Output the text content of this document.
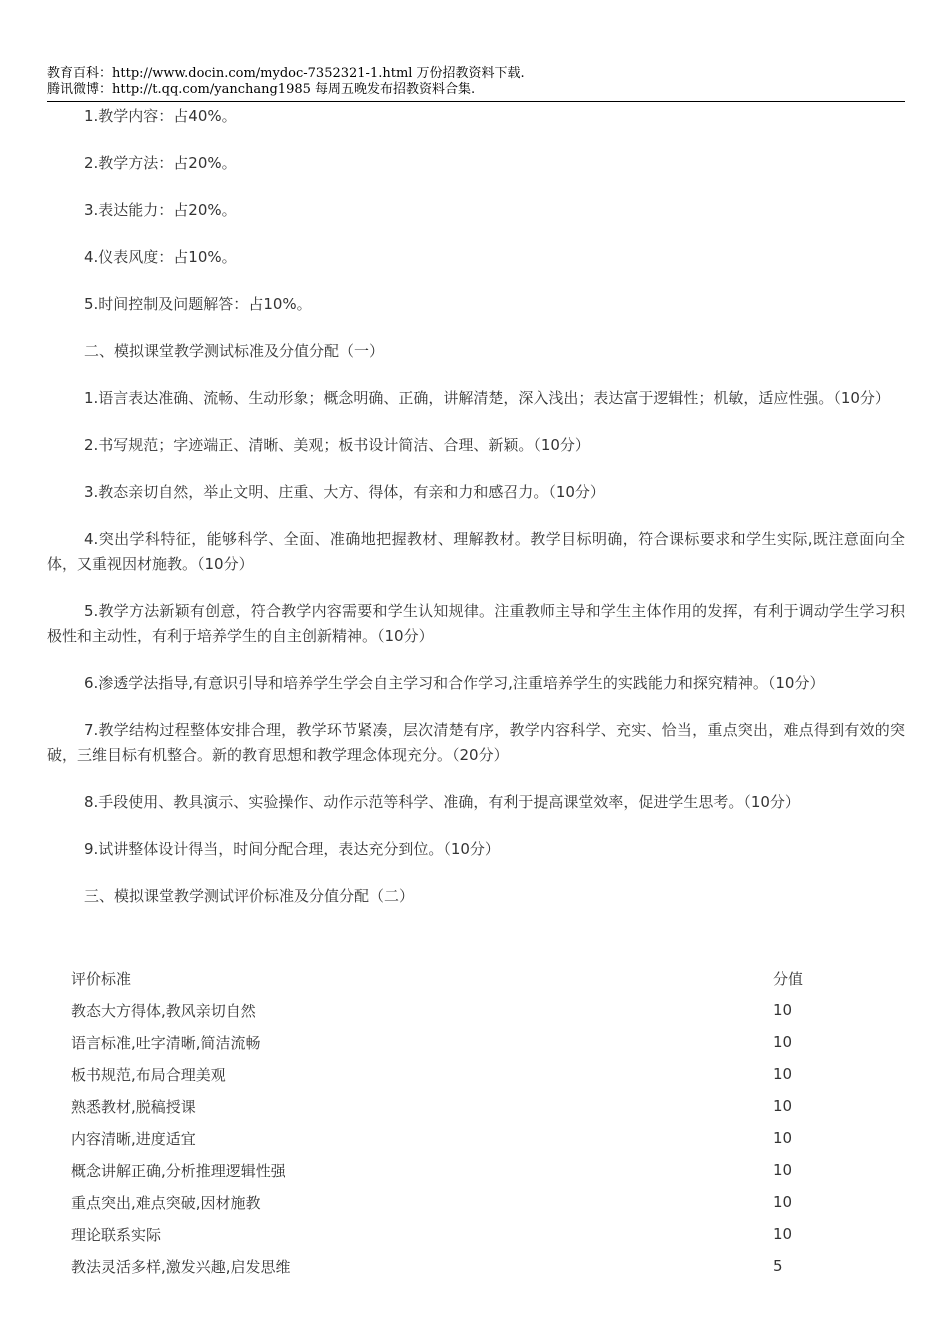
教育百科：http://www.docin.com/mydoc-7352321-1.html 万份招教资料下载.
腾讯微博：http://t.qq.com/yanchang1985 每周五晚发布招教资料合集.

1.教学内容：占40%。

2.教学方法：占20%。

3.表达能力：占20%。

4.仪表风度：占10%。

5.时间控制及问题解答：占10%。

二、模拟课堂教学测试标准及分值分配（一）

1.语言表达准确、流畅、生动形象；概念明确、正确，讲解清楚，深入浅出；表达富于逻辑性；机敏，适应性强。（10分）

2.书写规范；字迹端正、清晰、美观；板书设计简洁、合理、新颖。（10分）

3.教态亲切自然，举止文明、庄重、大方、得体，有亲和力和感召力。（10分）

4.突出学科特征，能够科学、全面、准确地把握教材、理解教材。教学目标明确，符合课标要求和学生实际,既注意面向全体，又重视因材施教。（10分）

5.教学方法新颖有创意，符合教学内容需要和学生认知规律。注重教师主导和学生主体作用的发挥，有利于调动学生学习积极性和主动性，有利于培养学生的自主创新精神。（10分）

6.渗透学法指导,有意识引导和培养学生学会自主学习和合作学习,注重培养学生的实践能力和探究精神。（10分）

7.教学结构过程整体安排合理，教学环节紧凑，层次清楚有序，教学内容科学、充实、恰当，重点突出，难点得到有效的突破，三维目标有机整合。新的教育思想和教学理念体现充分。（20分）

8.手段使用、教具演示、实验操作、动作示范等科学、准确，有利于提高课堂效率，促进学生思考。（10分）

9.试讲整体设计得当，时间分配合理，表达充分到位。（10分）

三、模拟课堂教学测试评价标准及分值分配（二）

评价标准	分值
教态大方得体,教风亲切自然	10
语言标准,吐字清晰,简洁流畅	10
板书规范,布局合理美观	10
熟悉教材,脱稿授课	10
内容清晰,进度适宜	10
概念讲解正确,分析推理逻辑性强	10
重点突出,难点突破,因材施教	10
理论联系实际	10
教法灵活多样,激发兴趣,启发思维	5
